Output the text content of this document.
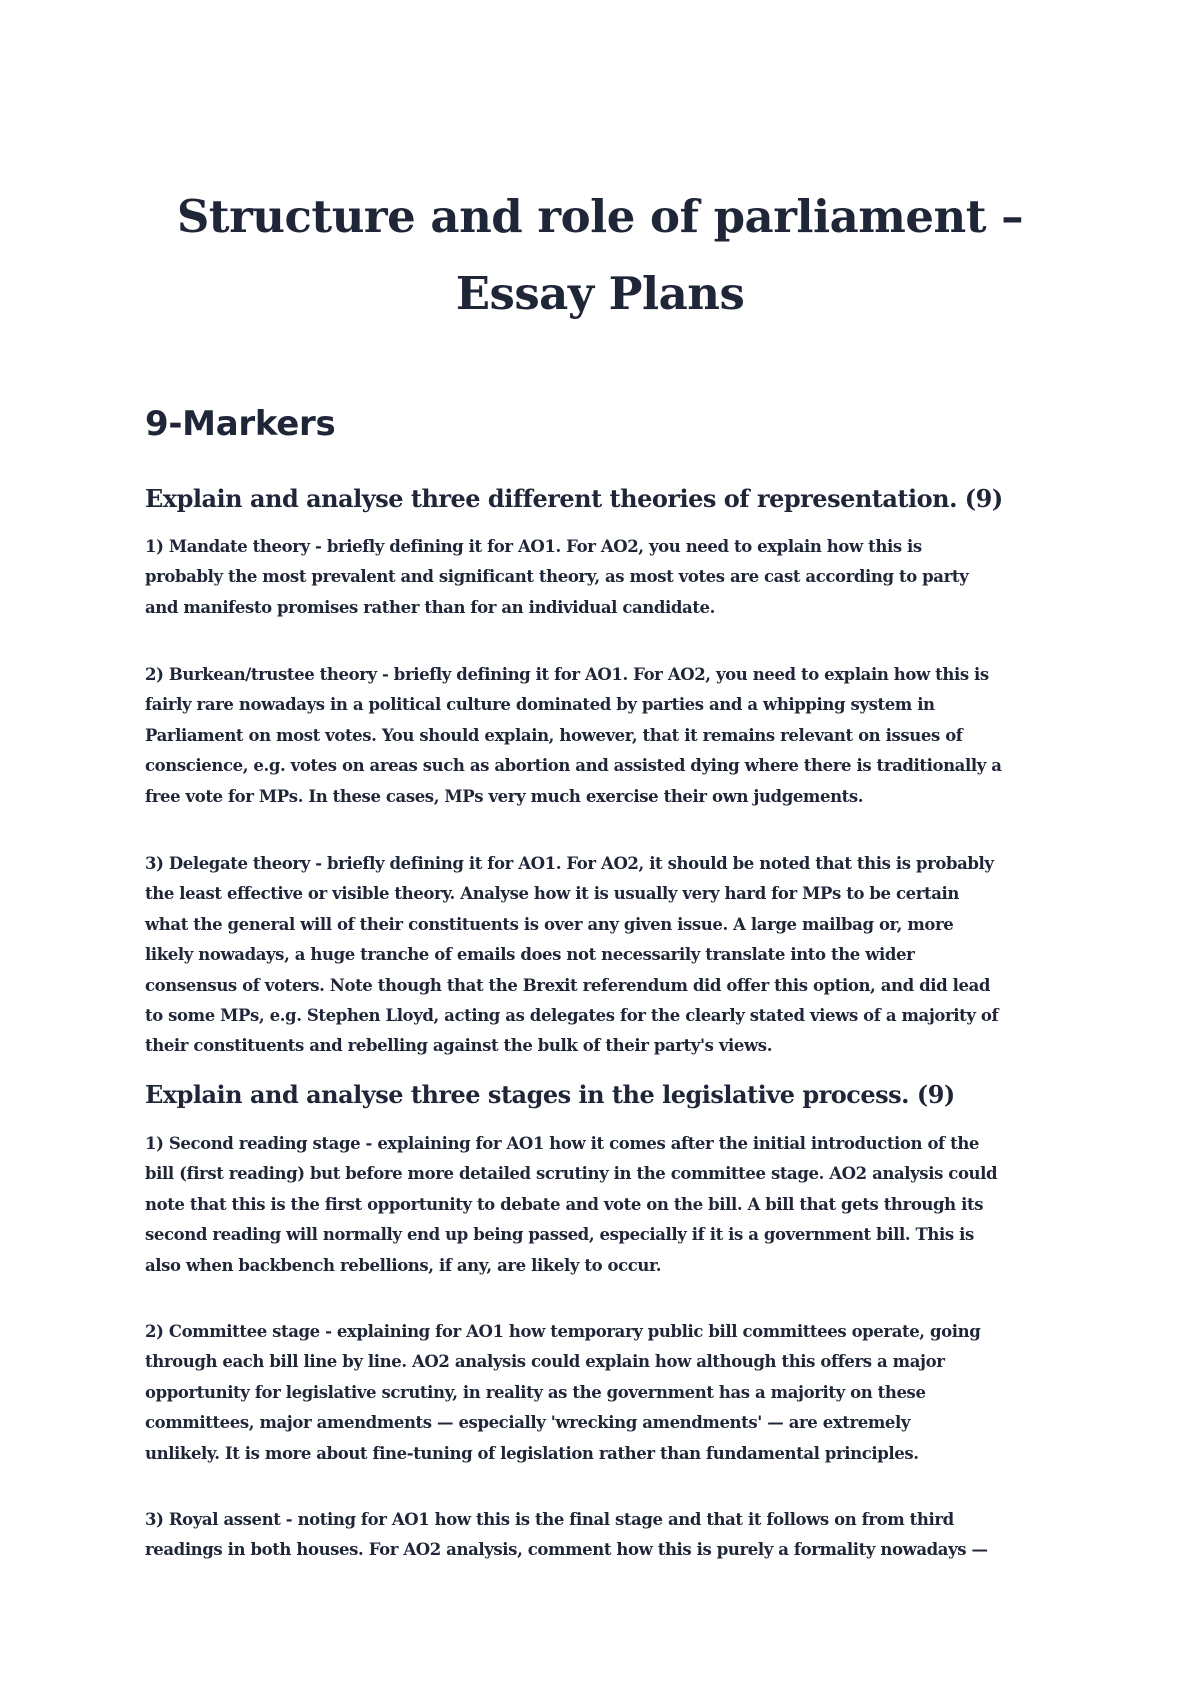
Structure and role of parliament –
Essay Plans
9-Markers
Explain and analyse three different theories of representation. (9)

1) Mandate theory - briefly defining it for AO1. For AO2, you need to explain how this is
probably the most prevalent and significant theory, as most votes are cast according to party
and manifesto promises rather than for an individual candidate.

2) Burkean/trustee theory - briefly defining it for AO1. For AO2, you need to explain how this is
fairly rare nowadays in a political culture dominated by parties and a whipping system in
Parliament on most votes. You should explain, however, that it remains relevant on issues of
conscience, e.g. votes on areas such as abortion and assisted dying where there is traditionally a
free vote for MPs. In these cases, MPs very much exercise their own judgements.

3) Delegate theory - briefly defining it for AO1. For AO2, it should be noted that this is probably
the least effective or visible theory. Analyse how it is usually very hard for MPs to be certain
what the general will of their constituents is over any given issue. A large mailbag or, more
likely nowadays, a huge tranche of emails does not necessarily translate into the wider
consensus of voters. Note though that the Brexit referendum did offer this option, and did lead
to some MPs, e.g. Stephen Lloyd, acting as delegates for the clearly stated views of a majority of
their constituents and rebelling against the bulk of their party's views.

Explain and analyse three stages in the legislative process. (9)

1) Second reading stage - explaining for AO1 how it comes after the initial introduction of the
bill (first reading) but before more detailed scrutiny in the committee stage. AO2 analysis could
note that this is the first opportunity to debate and vote on the bill. A bill that gets through its
second reading will normally end up being passed, especially if it is a government bill. This is
also when backbench rebellions, if any, are likely to occur.

2) Committee stage - explaining for AO1 how temporary public bill committees operate, going
through each bill line by line. AO2 analysis could explain how although this offers a major
opportunity for legislative scrutiny, in reality as the government has a majority on these
committees, major amendments — especially 'wrecking amendments' — are extremely
unlikely. It is more about fine-tuning of legislation rather than fundamental principles.

3) Royal assent - noting for AO1 how this is the final stage and that it follows on from third
readings in both houses. For AO2 analysis, comment how this is purely a formality nowadays —
